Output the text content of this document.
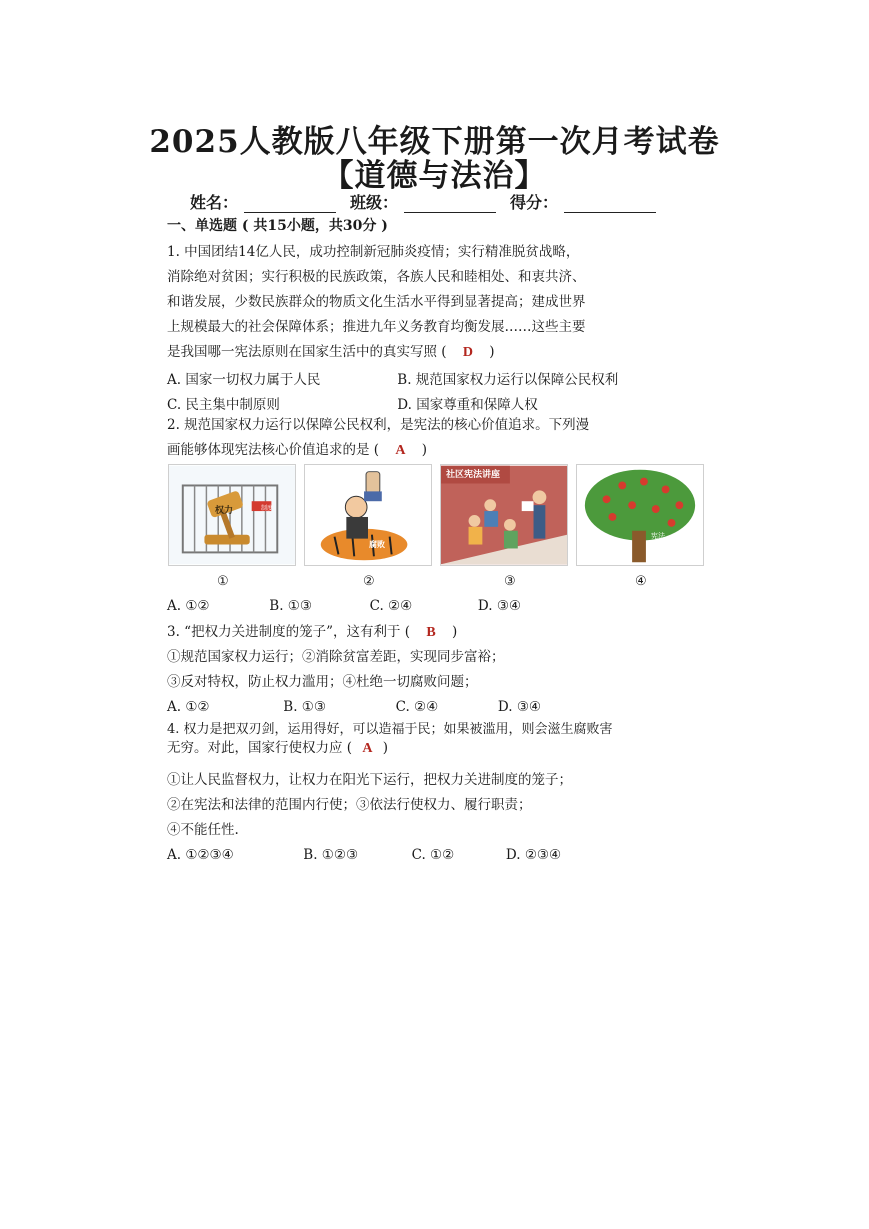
2025人教版八年级下册第一次月考试卷
【道德与法治】
姓名：	班级：	得分：
一、单选题 ( 共15小题，共30分 )
1. 中国团结14亿人民，成功控制新冠肺炎疫情；实行精准脱贫战略，
消除绝对贫困；实行积极的民族政策，各族人民和睦相处、和衷共济、
和谐发展，少数民族群众的物质文化生活水平得到显著提高；建成世界
上规模最大的社会保障体系；推进九年义务教育均衡发展……这些主要
是我国哪一宪法原则在国家生活中的真实写照 ( D )
A. 国家一切权力属于人民	B. 规范国家权力运行以保障公民权利
C. 民主集中制原则	D. 国家尊重和保障人权
2. 规范国家权力运行以保障公民权利，是宪法的核心价值追求。下列漫
画能够体现宪法核心价值追求的是 ( A )
权力	制度
腐败
社区宪法讲座
宪法
①	②	③	④
A. ①②	B. ①③	C. ②④	D. ③④
3. “把权力关进制度的笼子”，这有利于 ( B )
①规范国家权力运行；②消除贫富差距，实现同步富裕；
③反对特权，防止权力滥用；④杜绝一切腐败问题；
A. ①②	B. ①③	C. ②④	D. ③④
4. 权力是把双刃剑，运用得好，可以造福于民；如果被滥用，则会滋生腐败害
无穷。对此，国家行使权力应 ( A )
①让人民监督权力，让权力在阳光下运行，把权力关进制度的笼子；
②在宪法和法律的范围内行使；③依法行使权力、履行职责；
④不能任性.
A. ①②③④	B. ①②③	C. ①②	D. ②③④
